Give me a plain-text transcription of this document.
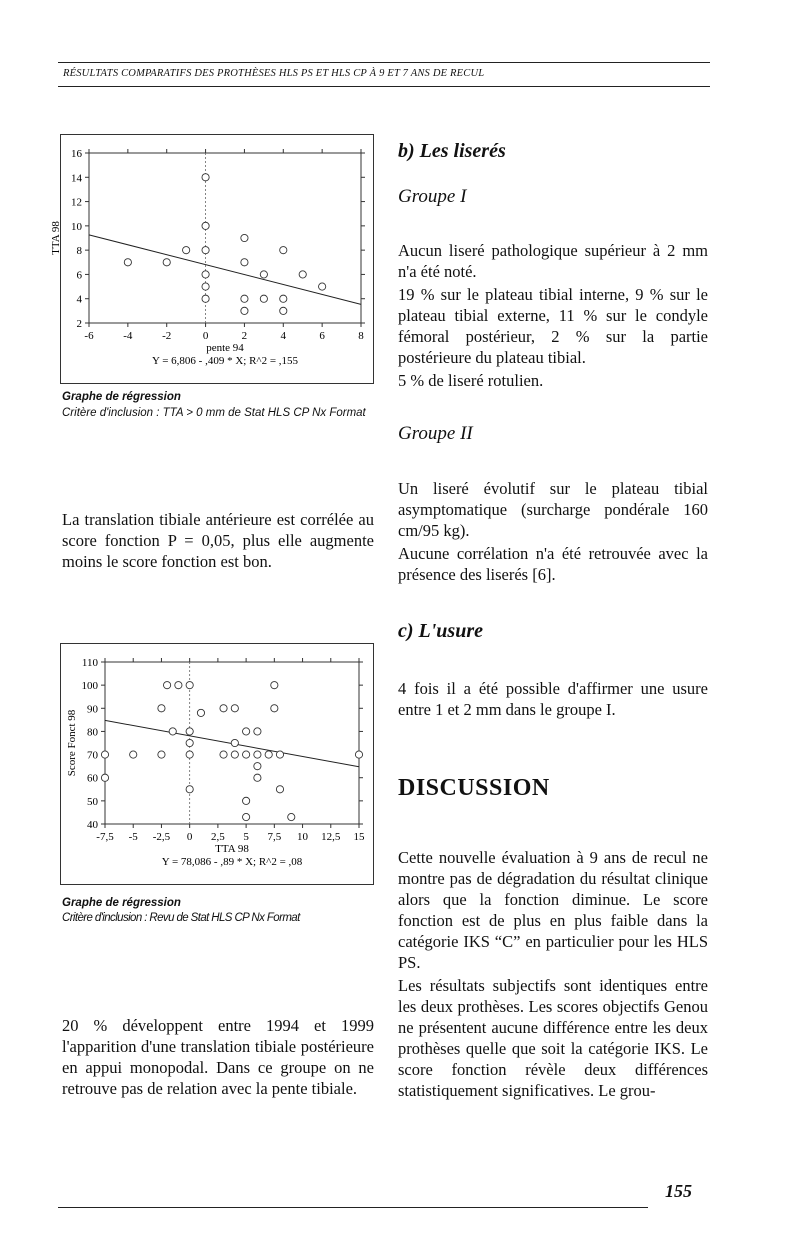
RÉSULTATS COMPARATIFS DES PROTHÈSES HLS PS ET HLS CP À 9 ET 7 ANS DE RECUL
16
14
12
10
8
6
4
2
-6	-4	-2	0	2	4	6	8
TTA 98
pente 94
Y = 6,806 - ,409 * X; R^2 = ,155
Graphe de régression
Critère d'inclusion : TTA > 0 mm de Stat HLS CP Nx Format
La translation tibiale antérieure est corrélée au score fonction P = 0,05, plus elle augmente moins le score fonction est bon.
110
100
90
80
70
60
50
40
-7,5 -5 -2,5 0 2,5 5 7,5 10 12,5 15
Score Fonct 98
TTA 98
Y = 78,086 - ,89 * X; R^2 = ,08
Graphe de régression
Critère d'inclusion : Revu de Stat HLS CP Nx Format
20 % développent entre 1994 et 1999 l'apparition d'une translation tibiale postérieure en appui monopodal. Dans ce groupe on ne retrouve pas de relation avec la pente tibiale.
b) Les liserés
Groupe I

Aucun liseré pathologique supérieur à 2 mm n'a été noté.

19 % sur le plateau tibial interne, 9 % sur le plateau tibial externe, 11 % sur le condyle fémoral postérieur, 2 % sur la partie postérieure du plateau tibial.

5 % de liseré rotulien.

Groupe II

Un liseré évolutif sur le plateau tibial asymptomatique (surcharge pondérale 160 cm/95 kg).

Aucune corrélation n'a été retrouvée avec la présence des liserés [6].

c) L'usure
4 fois il a été possible d'affirmer une usure entre 1 et 2 mm dans le groupe I.
DISCUSSION

Cette nouvelle évaluation à 9 ans de recul ne montre pas de dégradation du résultat clinique alors que la fonction diminue. Le score fonction est de plus en plus faible dans la catégorie IKS “C” en particulier pour les HLS PS.

Les résultats subjectifs sont identiques entre les deux prothèses. Les scores objectifs Genou ne présentent aucune différence entre les deux prothèses quelle que soit la catégorie IKS. Le score fonction révèle deux différences statistiquement significatives. Le grou-

155
